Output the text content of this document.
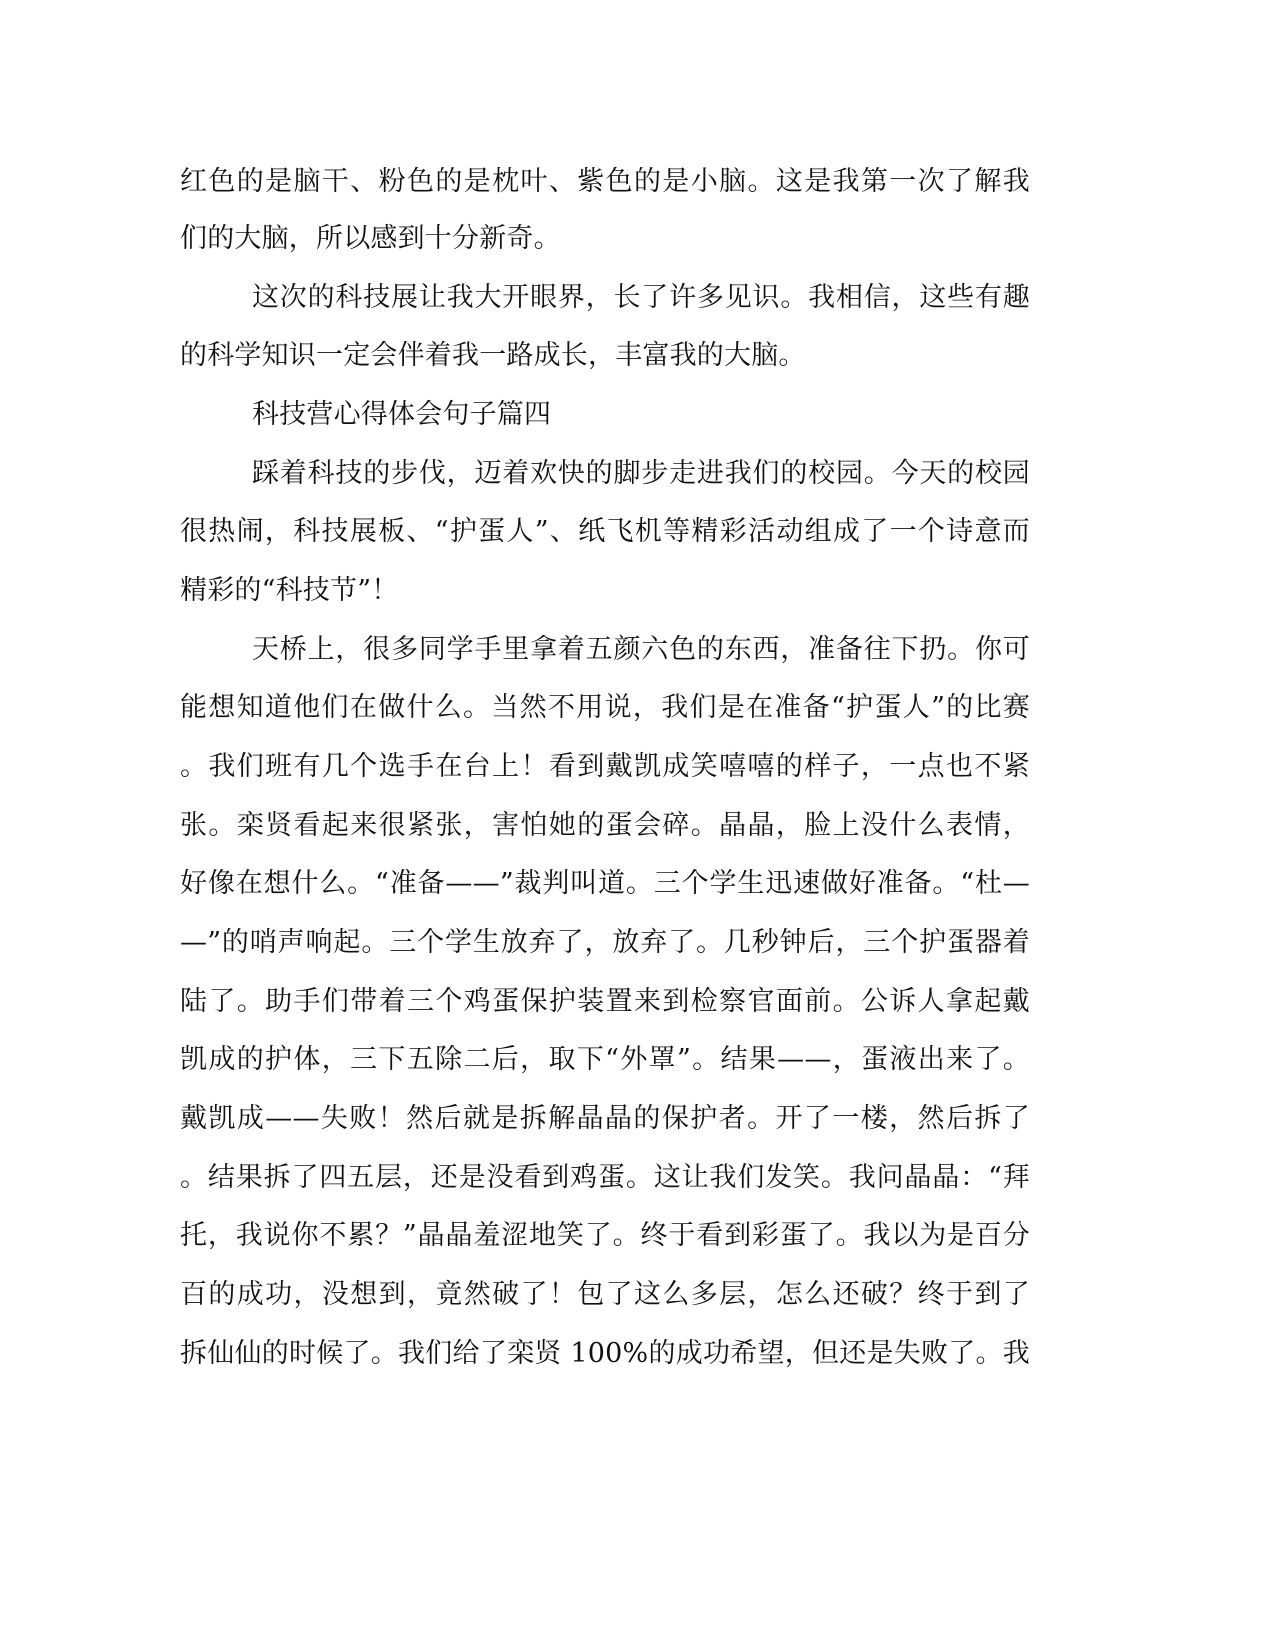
红色的是脑干、粉色的是枕叶、紫色的是小脑。这是我第一次了解我
们的大脑，所以感到十分新奇。
这次的科技展让我大开眼界，长了许多见识。我相信，这些有趣
的科学知识一定会伴着我一路成长，丰富我的大脑。
科技营心得体会句子篇四
踩着科技的步伐，迈着欢快的脚步走进我们的校园。今天的校园
很热闹，科技展板、“护蛋人”、纸飞机等精彩活动组成了一个诗意而
精彩的“科技节”！
天桥上，很多同学手里拿着五颜六色的东西，准备往下扔。你可
能想知道他们在做什么。当然不用说，我们是在准备“护蛋人”的比赛
。我们班有几个选手在台上！看到戴凯成笑嘻嘻的样子，一点也不紧
张。栾贤看起来很紧张，害怕她的蛋会碎。晶晶，脸上没什么表情，
好像在想什么。“准备——”裁判叫道。三个学生迅速做好准备。“杜—
—”的哨声响起。三个学生放弃了，放弃了。几秒钟后，三个护蛋器着
陆了。助手们带着三个鸡蛋保护装置来到检察官面前。公诉人拿起戴
凯成的护体，三下五除二后，取下“外罩”。结果——，蛋液出来了。
戴凯成——失败！然后就是拆解晶晶的保护者。开了一楼，然后拆了
。结果拆了四五层，还是没看到鸡蛋。这让我们发笑。我问晶晶：“拜
托，我说你不累？”晶晶羞涩地笑了。终于看到彩蛋了。我以为是百分
百的成功，没想到，竟然破了！包了这么多层，怎么还破？终于到了
拆仙仙的时候了。我们给了栾贤 100%的成功希望，但还是失败了。我
